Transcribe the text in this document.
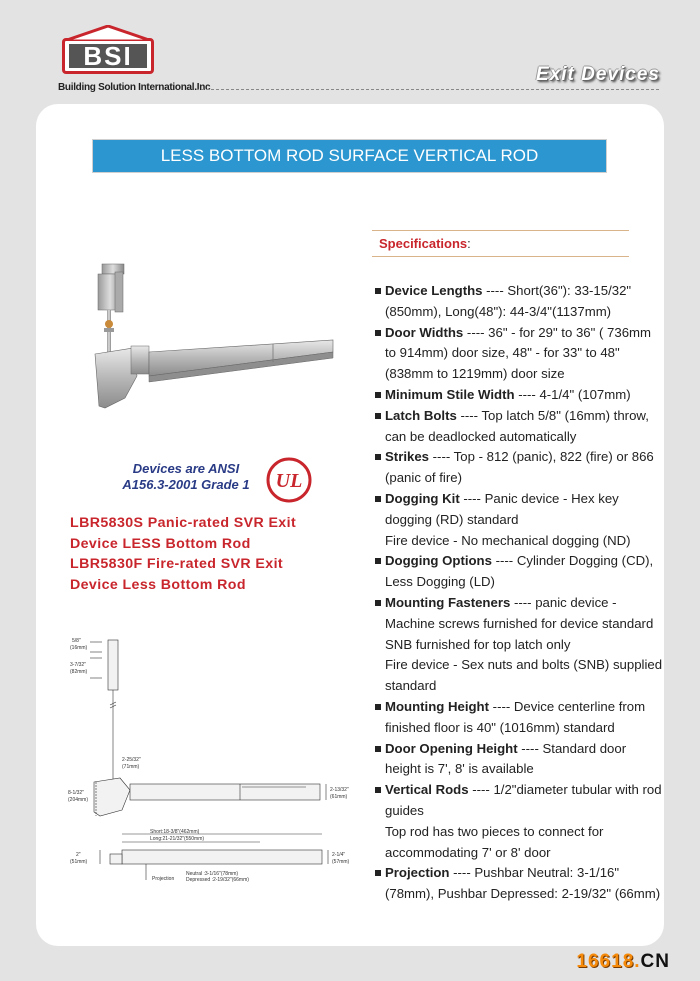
BSI
Building Solution International.Inc
Exit Devices
LESS BOTTOM ROD SURFACE VERTICAL ROD
Specifications:
Device Lengths ---- Short(36"): 33-15/32" (850mm), Long(48"): 44-3/4"(1137mm)
Door Widths ---- 36" - for 29" to 36" ( 736mm to 914mm) door size, 48" - for 33" to 48" (838mm to 1219mm) door size
Minimum Stile Width ---- 4-1/4" (107mm)
Latch Bolts ---- Top latch 5/8" (16mm) throw, can be deadlocked automatically
Strikes ---- Top - 812 (panic), 822 (fire) or 866 (panic of fire)
Dogging Kit ---- Panic device - Hex key dogging (RD) standard
Fire device - No mechanical dogging (ND)
Dogging Options ---- Cylinder Dogging (CD), Less Dogging (LD)
Mounting Fasteners ---- panic device - Machine screws furnished for device standard SNB furnished for top latch only
Fire device - Sex nuts and bolts (SNB) supplied standard
Mounting Height ---- Device centerline from finished floor is 40" (1016mm) standard
Door Opening Height ---- Standard door height is 7', 8' is available
Vertical Rods ---- 1/2"diameter tubular with rod guides
Top rod has two pieces to connect for accommodating 7' or 8' door
Projection ---- Pushbar Neutral: 3-1/16" (78mm), Pushbar Depressed: 2-19/32" (66mm)
Devices are ANSI
A156.3-2001 Grade 1	UL
LBR5830S Panic-rated SVR Exit
Device LESS Bottom Rod
LBR5830F Fire-rated SVR Exit
Device Less Bottom Rod
5/8"
(16mm)
3-7/32"
(82mm)
2-25/32"
(71mm)
8-1/32"
(204mm)
2-13/32"
(61mm)
Short:18-3/8"(462mm)
Long:21-21/32"(550mm)
2"
(51mm)
2-1/4"
(57mm)
Projection
Neutral :3-1/16"(78mm)
Depressed :2-19/32"(66mm)
16618.CN
